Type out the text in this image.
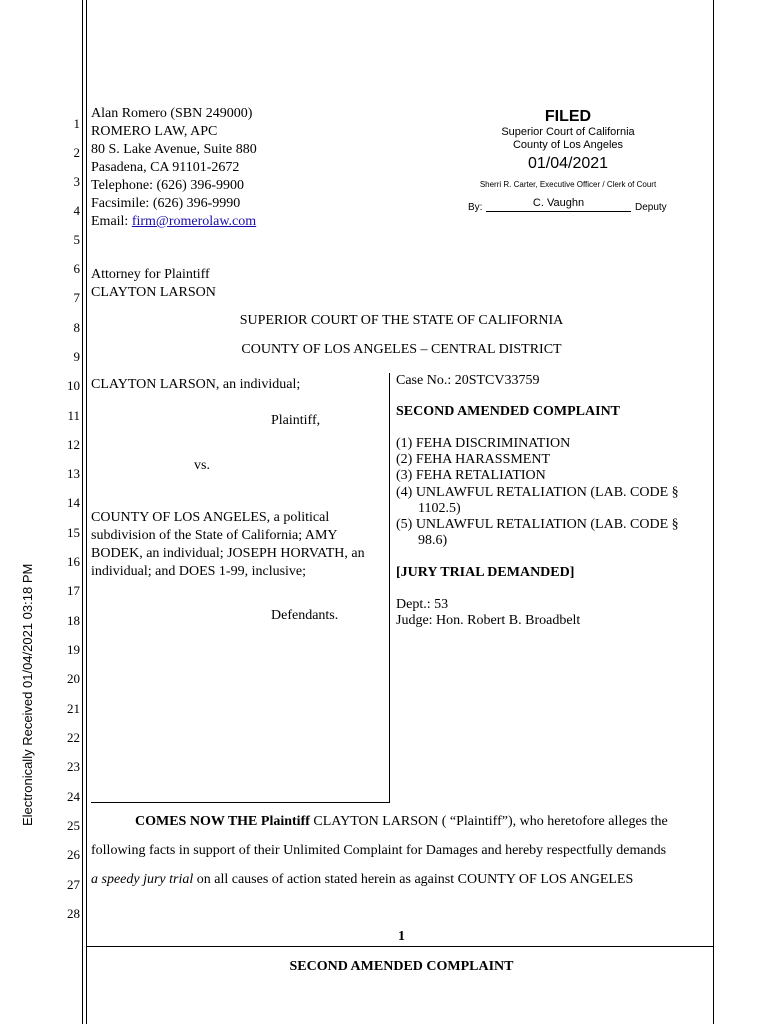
Electronically Received 01/04/2021 03:18 PM
1
2
3
4
5
6
7
8
9
10
11
12
13
14
15
16
17
18
19
20
21
22
23
24
25
26
27
28
Alan Romero (SBN 249000)
ROMERO LAW, APC
80 S. Lake Avenue, Suite 880
Pasadena, CA 91101-2672
Telephone: (626) 396-9900
Facsimile: (626) 396-9990
Email: firm@romerolaw.com
Attorney for Plaintiff
CLAYTON LARSON
FILED
Superior Court of California
County of Los Angeles
01/04/2021
Sherri R. Carter, Executive Officer / Clerk of Court
By:	C. Vaughn	Deputy
SUPERIOR COURT OF THE STATE OF CALIFORNIA
COUNTY OF LOS ANGELES – CENTRAL DISTRICT
CLAYTON LARSON, an individual;
Plaintiff,
vs.
COUNTY OF LOS ANGELES, a political
subdivision of the State of California; AMY
BODEK, an individual; JOSEPH HORVATH, an
individual; and DOES 1-99, inclusive;
Defendants.
Case No.: 20STCV33759
SECOND AMENDED COMPLAINT
(1) FEHA DISCRIMINATION
(2) FEHA HARASSMENT
(3) FEHA RETALIATION
(4) UNLAWFUL RETALIATION (LAB. CODE §
1102.5)
(5) UNLAWFUL RETALIATION (LAB. CODE §
98.6)
[JURY TRIAL DEMANDED]
Dept.: 53
Judge: Hon. Robert B. Broadbelt
COMES NOW THE Plaintiff CLAYTON LARSON ( “Plaintiff”), who heretofore alleges the
following facts in support of their Unlimited Complaint for Damages and hereby respectfully demands
a speedy jury trial on all causes of action stated herein as against COUNTY OF LOS ANGELES
1
SECOND AMENDED COMPLAINT
